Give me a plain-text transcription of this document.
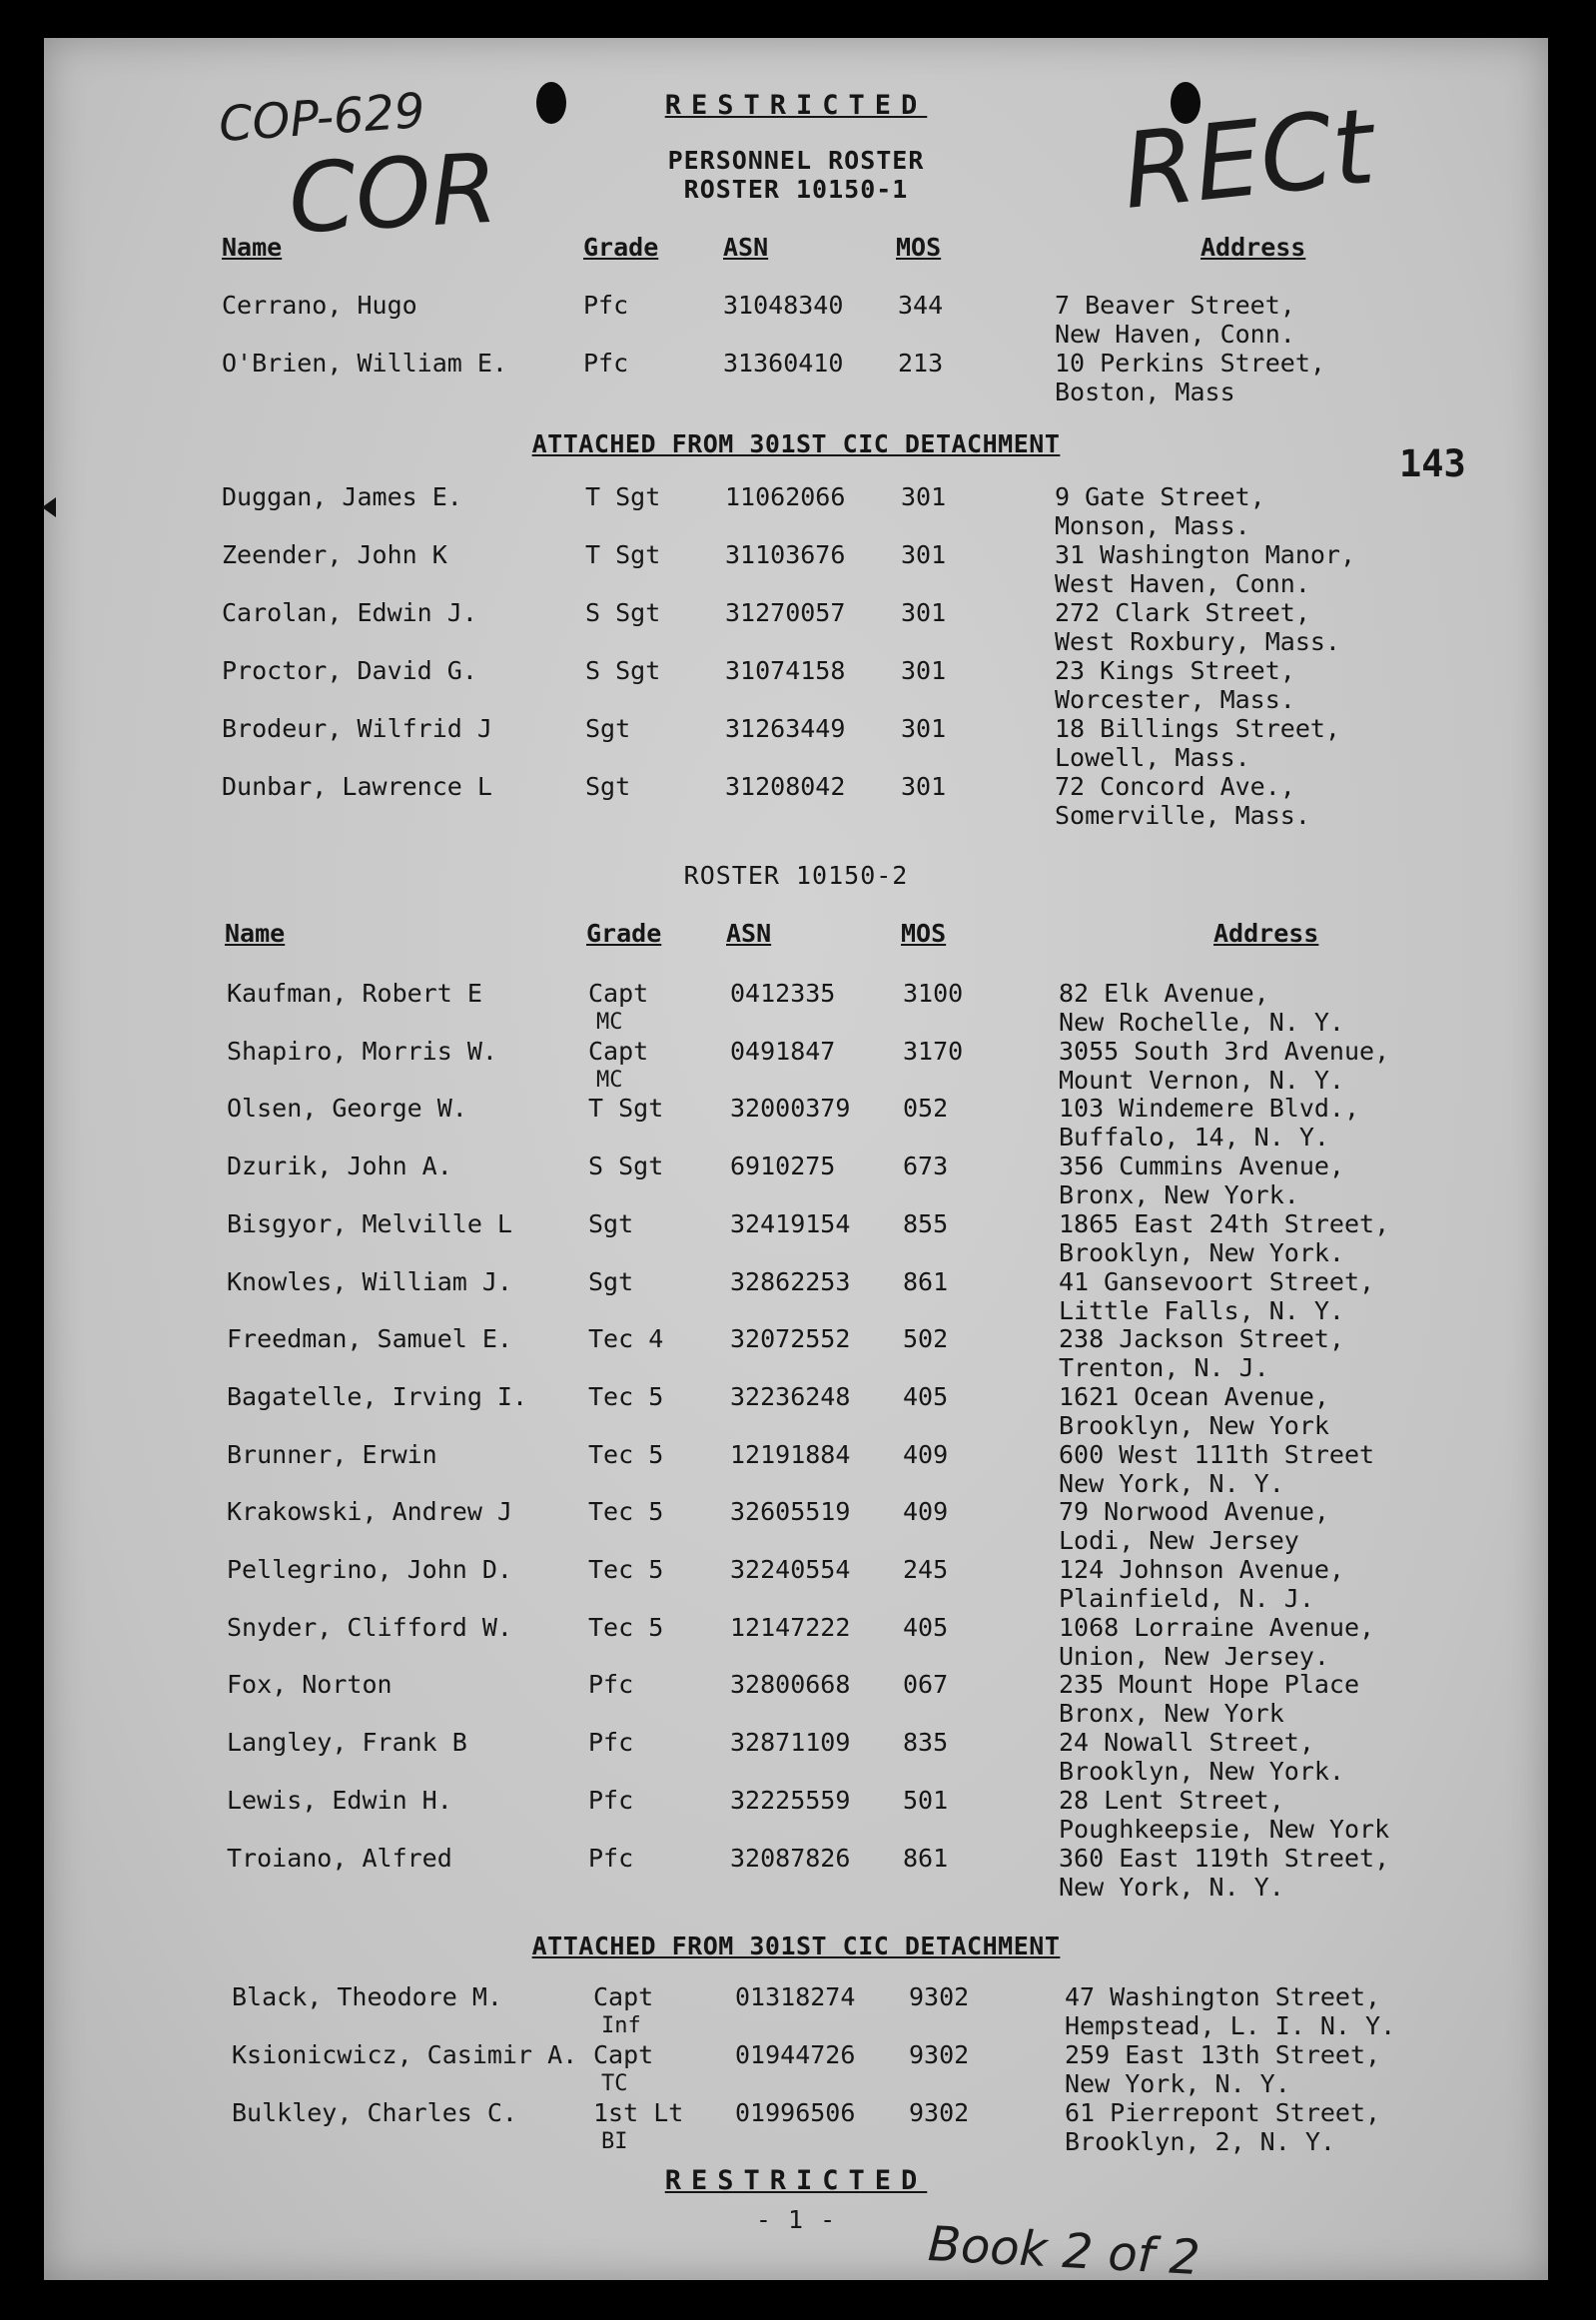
COP-629
COR	RECt
Book 2 of 2
RESTRICTED
PERSONNEL ROSTER
ROSTER 10150-1
143
Name	Grade	ASN	MOS	Address
Cerrano, Hugo	Pfc	31048340 344	7 Beaver Street,
New Haven, Conn.
O'Brien, William E.	Pfc	31360410 213	10 Perkins Street,
Boston, Mass
ATTACHED FROM 301ST CIC DETACHMENT
Duggan, James E.	T Sgt	11062066 301	9 Gate Street,
Monson, Mass.
Zeender, John K	T Sgt	31103676 301	31 Washington Manor,
West Haven, Conn.
Carolan, Edwin J.	S Sgt	31270057 301	272 Clark Street,
West Roxbury, Mass.
Proctor, David G.	S Sgt	31074158 301	23 Kings Street,
Worcester, Mass.
Brodeur, Wilfrid J	Sgt	31263449 301	18 Billings Street,
Lowell, Mass.
Dunbar, Lawrence L	Sgt	31208042 301	72 Concord Ave.,
Somerville, Mass.
ROSTER 10150-2
Name	Grade	ASN	MOS	Address
Kaufman, Robert E	Capt
MC
0412335	3100	82 Elk Avenue,
New Rochelle, N. Y.
Shapiro, Morris W.	Capt
MC
0491847	3170	3055 South 3rd Avenue,
Mount Vernon, N. Y.
Olsen, George W.	T Sgt	32000379 052	103 Windemere Blvd.,
Buffalo, 14, N. Y.
Dzurik, John A.	S Sgt	6910275	673	356 Cummins Avenue,
Bronx, New York.
Bisgyor, Melville L	Sgt	32419154 855	1865 East 24th Street,
Brooklyn, New York.
Knowles, William J.	Sgt	32862253 861	41 Gansevoort Street,
Little Falls, N. Y.
Freedman, Samuel E.	Tec 4	32072552 502	238 Jackson Street,
Trenton, N. J.
Bagatelle, Irving I. Tec 5	32236248 405	1621 Ocean Avenue,
Brooklyn, New York
Brunner, Erwin	Tec 5	12191884 409	600 West 111th Street
New York, N. Y.
Krakowski, Andrew J	Tec 5	32605519 409	79 Norwood Avenue,
Lodi, New Jersey
Pellegrino, John D.	Tec 5	32240554 245	124 Johnson Avenue,
Plainfield, N. J.
Snyder, Clifford W.	Tec 5	12147222 405	1068 Lorraine Avenue,
Union, New Jersey.
Fox, Norton	Pfc	32800668 067	235 Mount Hope Place
Bronx, New York
Langley, Frank B	Pfc	32871109 835	24 Nowall Street,
Brooklyn, New York.
Lewis, Edwin H.	Pfc	32225559 501	28 Lent Street,
Poughkeepsie, New York
Troiano, Alfred	Pfc	32087826 861	360 East 119th Street,
New York, N. Y.
ATTACHED FROM 301ST CIC DETACHMENT
Black, Theodore M.	Capt
Inf
01318274 9302	47 Washington Street,
Hempstead, L. I. N. Y.
Ksionicwicz, Casimir A. Capt
TC
01944726 9302	259 East 13th Street,
New York, N. Y.
Bulkley, Charles C.	1st Lt
BI
01996506 9302	61 Pierrepont Street,
Brooklyn, 2, N. Y.
RESTRICTED
- 1 -
